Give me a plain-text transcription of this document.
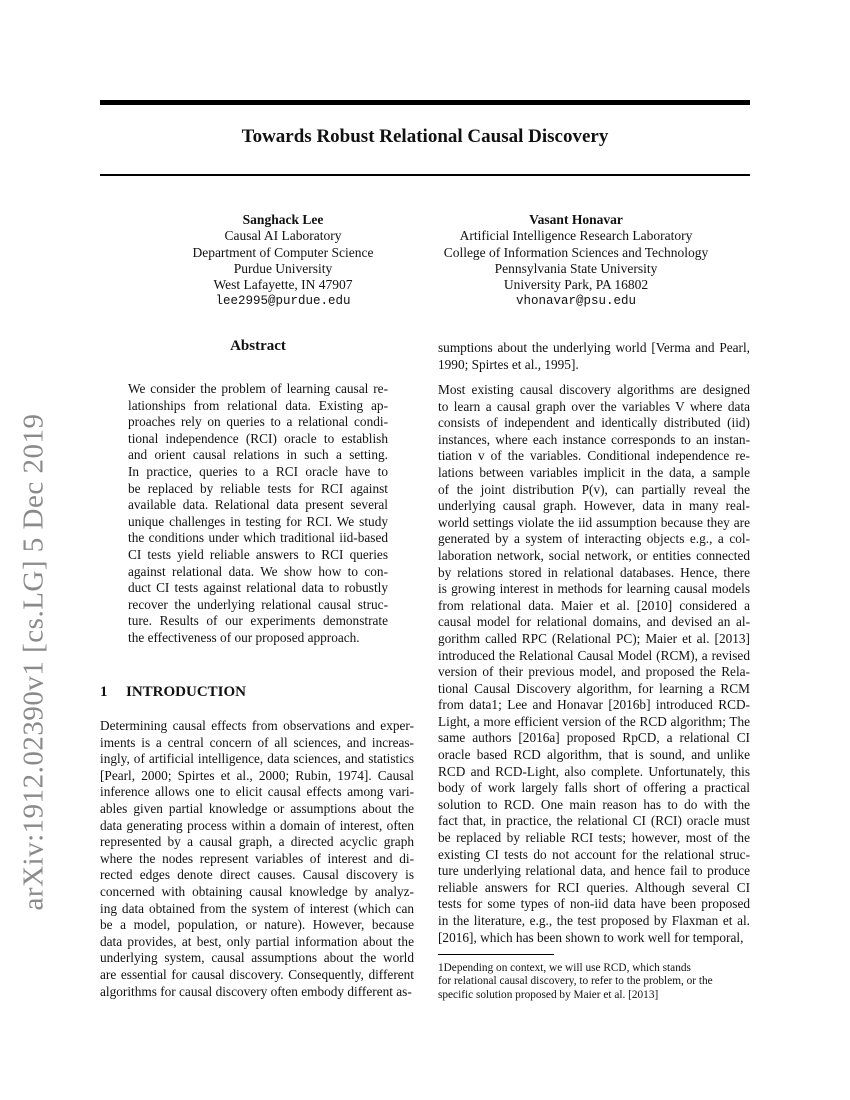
Towards Robust Relational Causal Discovery
arXiv:1912.02390v1 [cs.LG] 5 Dec 2019
Sanghack Lee
Causal AI Laboratory
Department of Computer Science
Purdue University
West Lafayette, IN 47907
lee2995@purdue.edu
Vasant Honavar
Artificial Intelligence Research Laboratory
College of Information Sciences and Technology
Pennsylvania State University
University Park, PA 16802
vhonavar@psu.edu
Abstract
We consider the problem of learning causal re-
lationships from relational data. Existing ap-
proaches rely on queries to a relational condi-
tional independence (RCI) oracle to establish
and orient causal relations in such a setting.
In practice, queries to a RCI oracle have to
be replaced by reliable tests for RCI against
available data. Relational data present several
unique challenges in testing for RCI. We study
the conditions under which traditional iid-based
CI tests yield reliable answers to RCI queries
against relational data. We show how to con-
duct CI tests against relational data to robustly
recover the underlying relational causal struc-
ture. Results of our experiments demonstrate
the effectiveness of our proposed approach.
1 INTRODUCTION
Determining causal effects from observations and exper-
iments is a central concern of all sciences, and increas-
ingly, of artificial intelligence, data sciences, and statistics
[Pearl, 2000; Spirtes et al., 2000; Rubin, 1974]. Causal
inference allows one to elicit causal effects among vari-
ables given partial knowledge or assumptions about the
data generating process within a domain of interest, often
represented by a causal graph, a directed acyclic graph
where the nodes represent variables of interest and di-
rected edges denote direct causes. Causal discovery is
concerned with obtaining causal knowledge by analyz-
ing data obtained from the system of interest (which can
be a model, population, or nature). However, because
data provides, at best, only partial information about the
underlying system, causal assumptions about the world
are essential for causal discovery. Consequently, different
algorithms for causal discovery often embody different as-
sumptions about the underlying world [Verma and Pearl,
1990; Spirtes et al., 1995].
Most existing causal discovery algorithms are designed
to learn a causal graph over the variables V where data
consists of independent and identically distributed (iid)
instances, where each instance corresponds to an instan-
tiation v of the variables. Conditional independence re-
lations between variables implicit in the data, a sample
of the joint distribution P(v), can partially reveal the
underlying causal graph. However, data in many real-
world settings violate the iid assumption because they are
generated by a system of interacting objects e.g., a col-
laboration network, social network, or entities connected
by relations stored in relational databases. Hence, there
is growing interest in methods for learning causal models
from relational data. Maier et al. [2010] considered a
causal model for relational domains, and devised an al-
gorithm called RPC (Relational PC); Maier et al. [2013]
introduced the Relational Causal Model (RCM), a revised
version of their previous model, and proposed the Rela-
tional Causal Discovery algorithm, for learning a RCM
from data1; Lee and Honavar [2016b] introduced RCD-
Light, a more efficient version of the RCD algorithm; The
same authors [2016a] proposed RpCD, a relational CI
oracle based RCD algorithm, that is sound, and unlike
RCD and RCD-Light, also complete. Unfortunately, this
body of work largely falls short of offering a practical
solution to RCD. One main reason has to do with the
fact that, in practice, the relational CI (RCI) oracle must
be replaced by reliable RCI tests; however, most of the
existing CI tests do not account for the relational struc-
ture underlying relational data, and hence fail to produce
reliable answers for RCI queries. Although several CI
tests for some types of non-iid data have been proposed
in the literature, e.g., the test proposed by Flaxman et al.
[2016], which has been shown to work well for temporal,
1Depending on context, we will use RCD, which stands
for relational causal discovery, to refer to the problem, or the
specific solution proposed by Maier et al. [2013]
